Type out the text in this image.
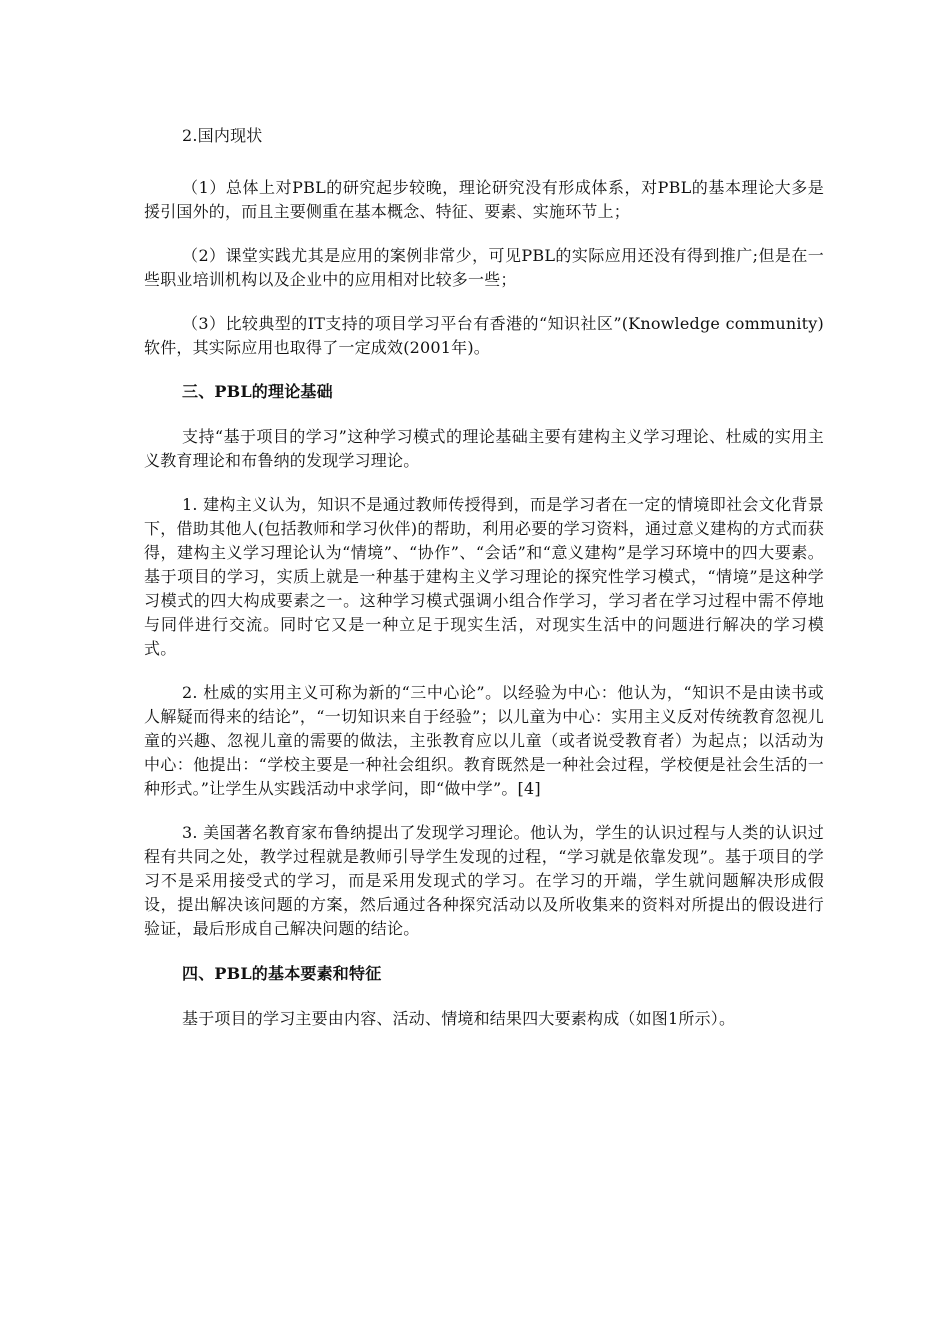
2.国内现状

（1）总体上对PBL的研究起步较晚，理论研究没有形成体系，对PBL的基本理论大多是援引国外的，而且主要侧重在基本概念、特征、要素、实施环节上；

（2）课堂实践尤其是应用的案例非常少，可见PBL的实际应用还没有得到推广;但是在一些职业培训机构以及企业中的应用相对比较多一些；

（3）比较典型的IT支持的项目学习平台有香港的“知识社区”(Knowledge community)软件，其实际应用也取得了一定成效(2001年)。

三、PBL的理论基础

支持“基于项目的学习”这种学习模式的理论基础主要有建构主义学习理论、杜威的实用主义教育理论和布鲁纳的发现学习理论。

1. 建构主义认为，知识不是通过教师传授得到，而是学习者在一定的情境即社会文化背景下，借助其他人(包括教师和学习伙伴)的帮助，利用必要的学习资料，通过意义建构的方式而获得，建构主义学习理论认为“情境”、“协作”、“会话”和“意义建构”是学习环境中的四大要素。基于项目的学习，实质上就是一种基于建构主义学习理论的探究性学习模式，“情境”是这种学习模式的四大构成要素之一。这种学习模式强调小组合作学习，学习者在学习过程中需不停地与同伴进行交流。同时它又是一种立足于现实生活，对现实生活中的问题进行解决的学习模式。

2. 杜威的实用主义可称为新的“三中心论”。以经验为中心：他认为，“知识不是由读书或人解疑而得来的结论”，“一切知识来自于经验”；以儿童为中心：实用主义反对传统教育忽视儿童的兴趣、忽视儿童的需要的做法，主张教育应以儿童（或者说受教育者）为起点；以活动为中心：他提出：“学校主要是一种社会组织。教育既然是一种社会过程，学校便是社会生活的一种形式。”让学生从实践活动中求学问，即“做中学”。[4]

3. 美国著名教育家布鲁纳提出了发现学习理论。他认为，学生的认识过程与人类的认识过程有共同之处，教学过程就是教师引导学生发现的过程，“学习就是依靠发现”。基于项目的学习不是采用接受式的学习，而是采用发现式的学习。在学习的开端，学生就问题解决形成假设，提出解决该问题的方案，然后通过各种探究活动以及所收集来的资料对所提出的假设进行验证，最后形成自己解决问题的结论。

四、PBL的基本要素和特征

基于项目的学习主要由内容、活动、情境和结果四大要素构成（如图1所示）。
